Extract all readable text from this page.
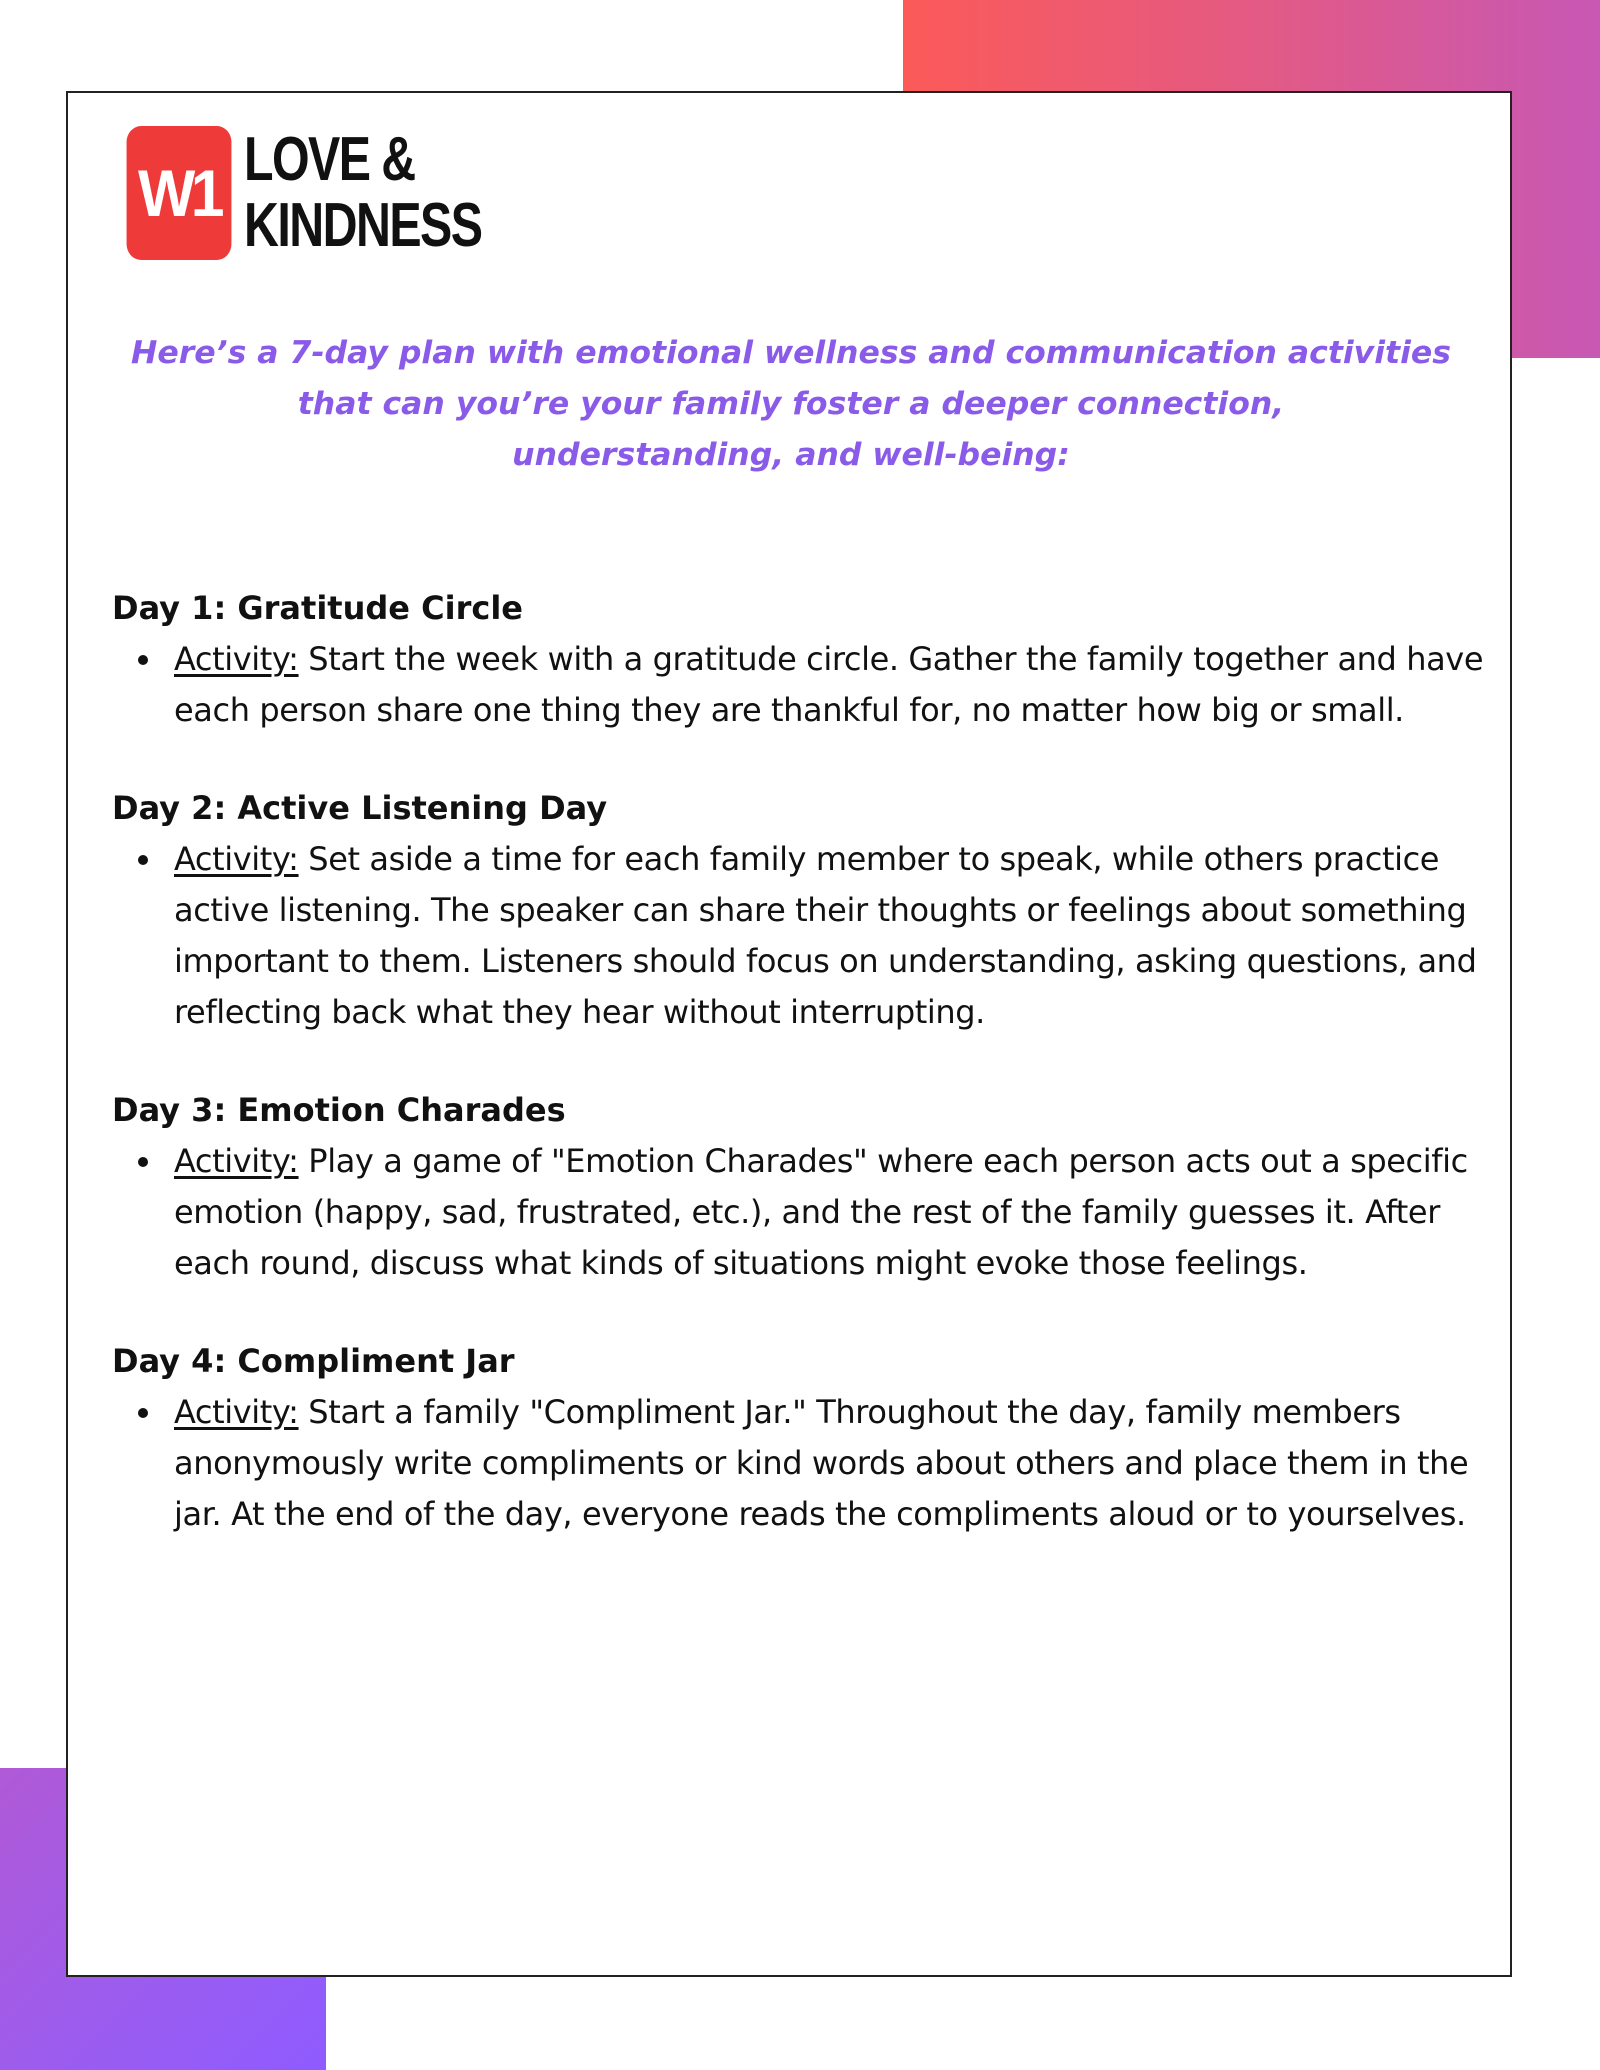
W1 LOVE &
KINDNESS
Here’s a 7-day plan with emotional wellness and communication activities
that can you’re your family foster a deeper connection,
understanding, and well-being:
Day 1: Gratitude Circle
Activity: Start the week with a gratitude circle. Gather the family together and have each person share one thing they are thankful for, no matter how big or small.
Day 2: Active Listening Day
Activity: Set aside a time for each family member to speak, while others practice active listening. The speaker can share their thoughts or feelings about something important to them. Listeners should focus on understanding, asking questions, and reflecting back what they hear without interrupting.
Day 3: Emotion Charades
Activity: Play a game of "Emotion Charades" where each person acts out a specific emotion (happy, sad, frustrated, etc.), and the rest of the family guesses it. After each round, discuss what kinds of situations might evoke those feelings.
Day 4: Compliment Jar
Activity: Start a family "Compliment Jar." Throughout the day, family members anonymously write compliments or kind words about others and place them in the jar. At the end of the day, everyone reads the compliments aloud or to yourselves.
